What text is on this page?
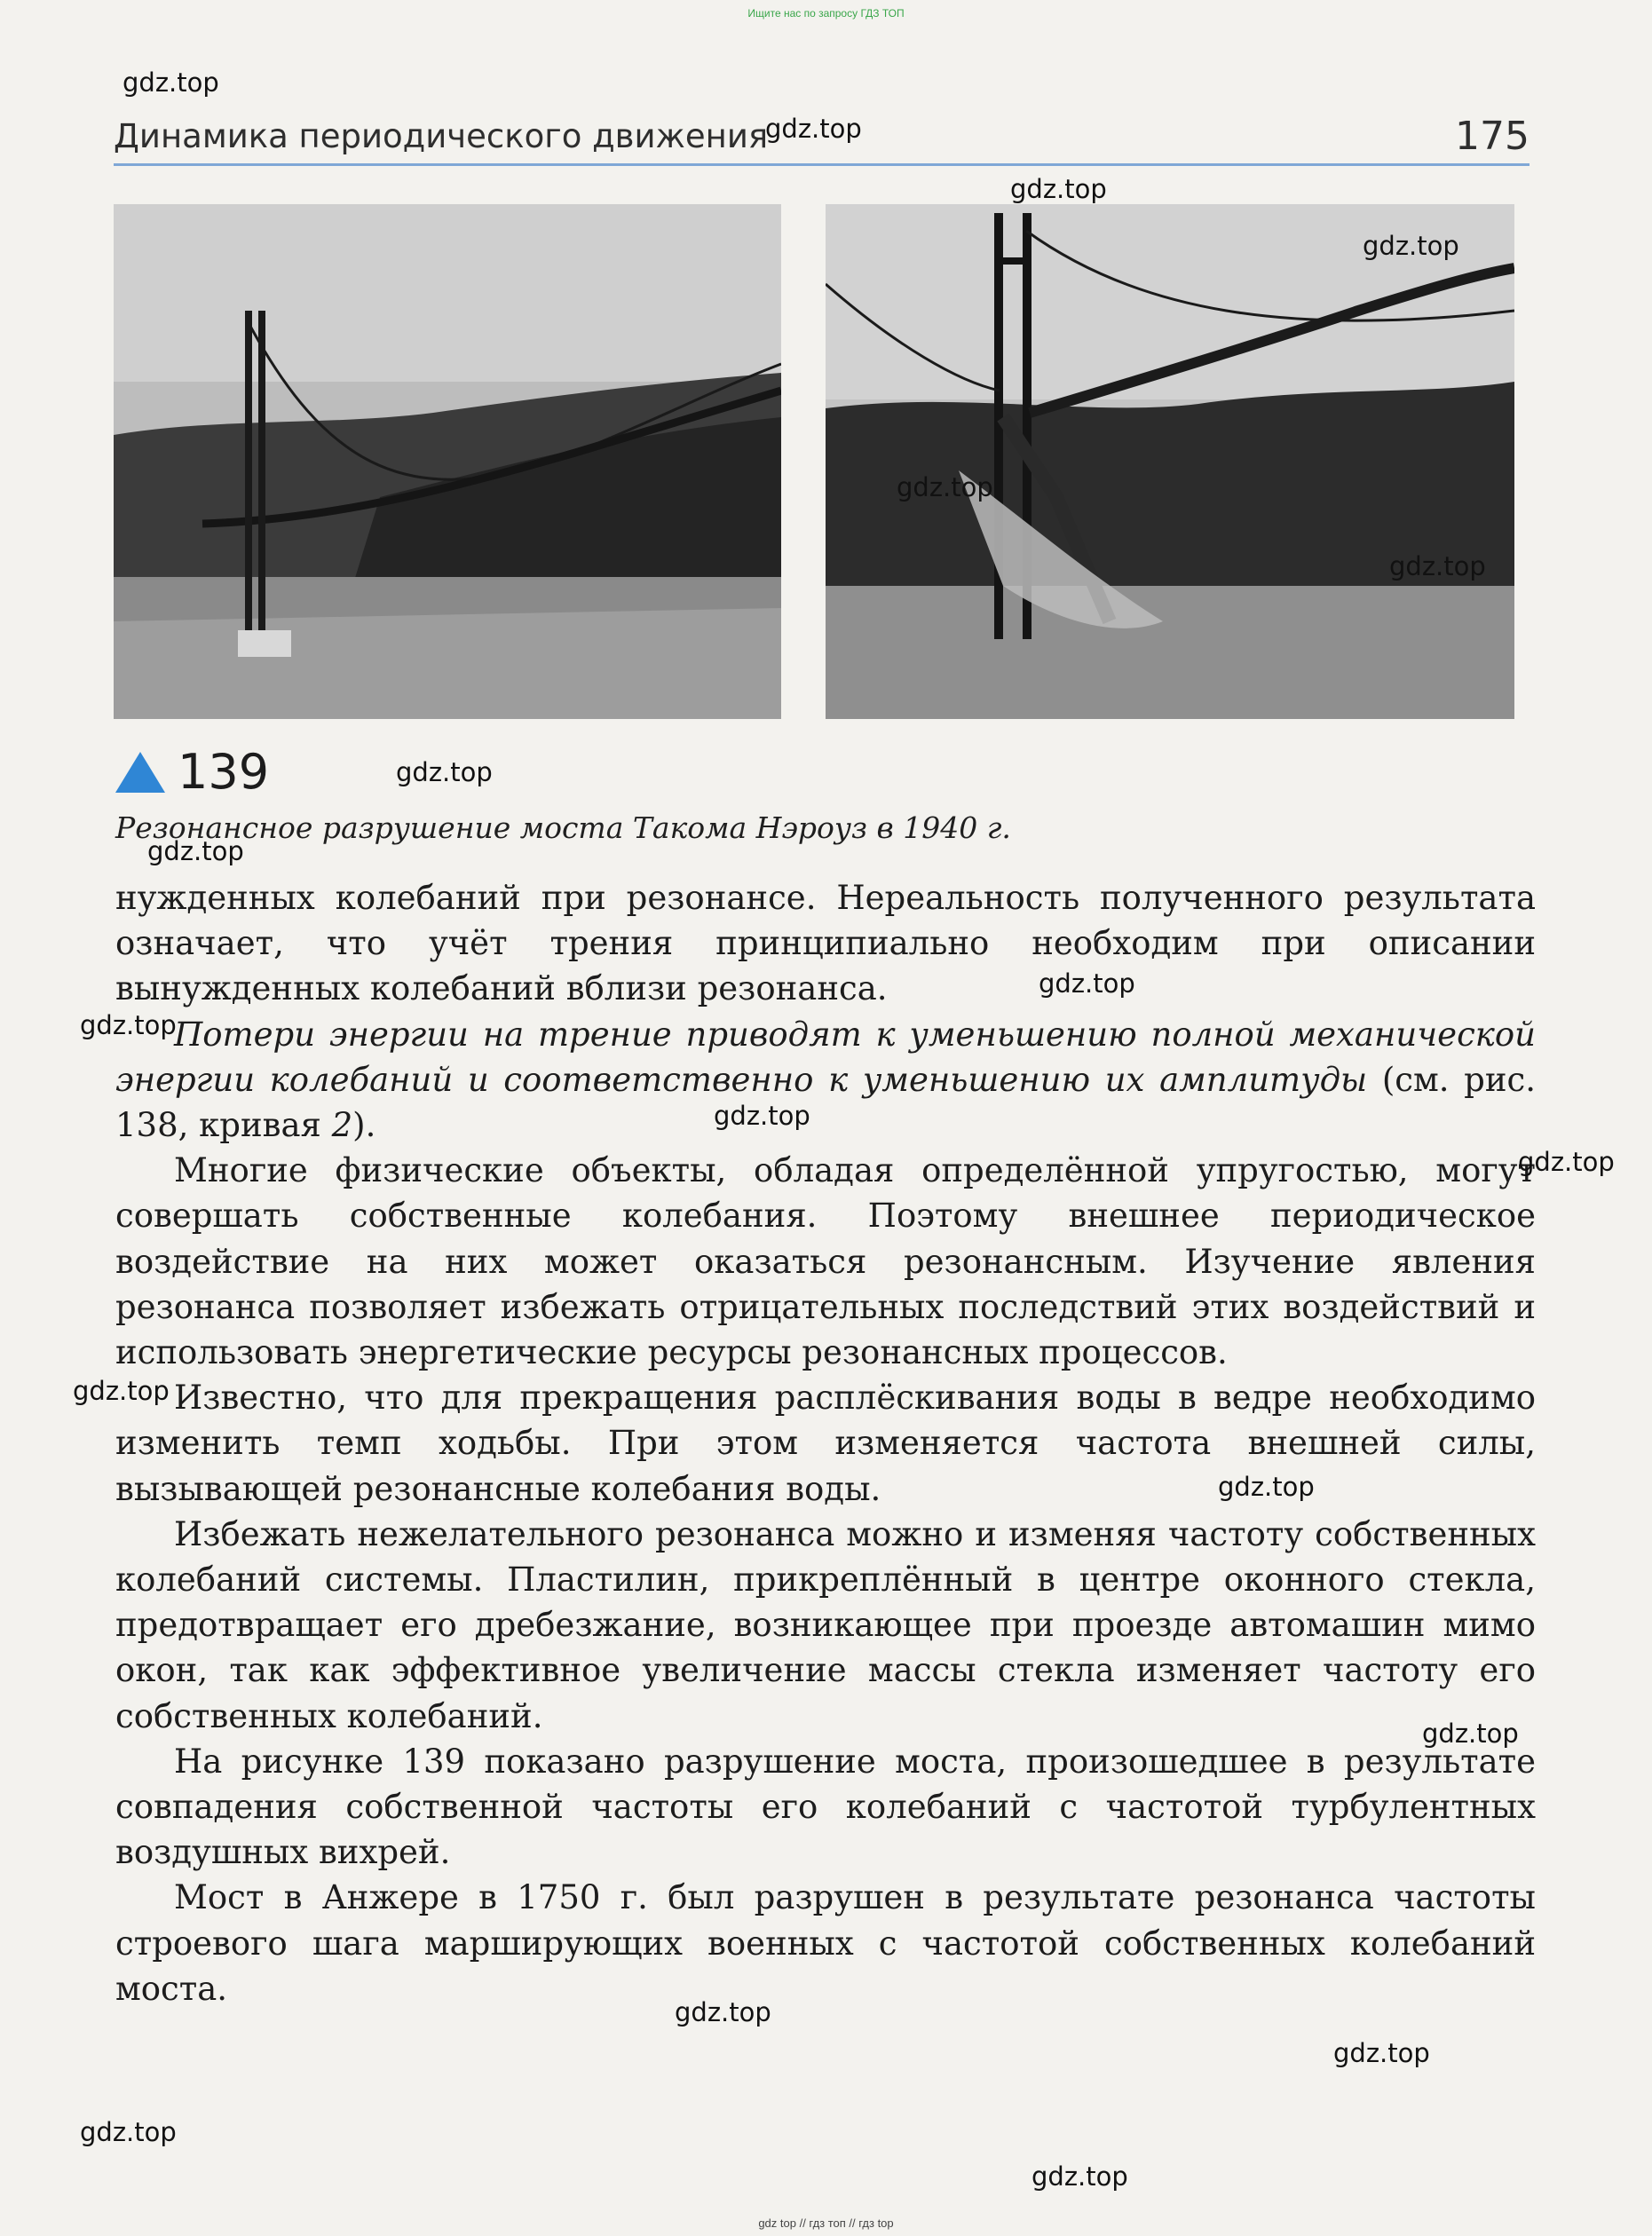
Ищите нас по запросу ГДЗ ТОП
Динамика периодического движения	175
139
Резонансное разрушение моста Такома Нэроуз в 1940 г.

нужденных колебаний при резонансе. Нереальность полученного результата означает, что учёт трения принципиально необходим при описании вынужденных колебаний вблизи резонанса.

Потери энергии на трение приводят к уменьшению полной механической энергии колебаний и соответственно к уменьшению их амплитуды (см. рис. 138, кривая 2).

Многие физические объекты, обладая определённой упругостью, могут совершать собственные колебания. Поэтому внешнее периодическое воздействие на них может оказаться резонансным. Изучение явления резонанса позволяет избежать отрицательных последствий этих воздействий и использовать энергетические ресурсы резонансных процессов.

Известно, что для прекращения расплёскивания воды в ведре необходимо изменить темп ходьбы. При этом изменяется частота внешней силы, вызывающей резонансные колебания воды.

Избежать нежелательного резонанса можно и изменяя частоту собственных колебаний системы. Пластилин, прикреплённый в центре оконного стекла, предотвращает его дребезжание, возникающее при проезде автомашин мимо окон, так как эффективное увеличение массы стекла изменяет частоту его собственных колебаний.

На рисунке 139 показано разрушение моста, произошедшее в результате совпадения собственной частоты его колебаний с частотой турбулентных воздушных вихрей.

Мост в Анжере в 1750 г. был разрушен в результате резонанса частоты строевого шага марширующих военных с частотой собственных колебаний моста.

gdz.top
gdz.top
gdz.top
gdz.top
gdz.top
gdz.top
gdz.top
gdz.top
gdz.top
gdz.top
gdz.top
gdz.top
gdz.top
gdz.top
gdz.top
gdz.top
gdz.top
gdz.top
gdz.top
gdz top // гдз топ // гдз top
